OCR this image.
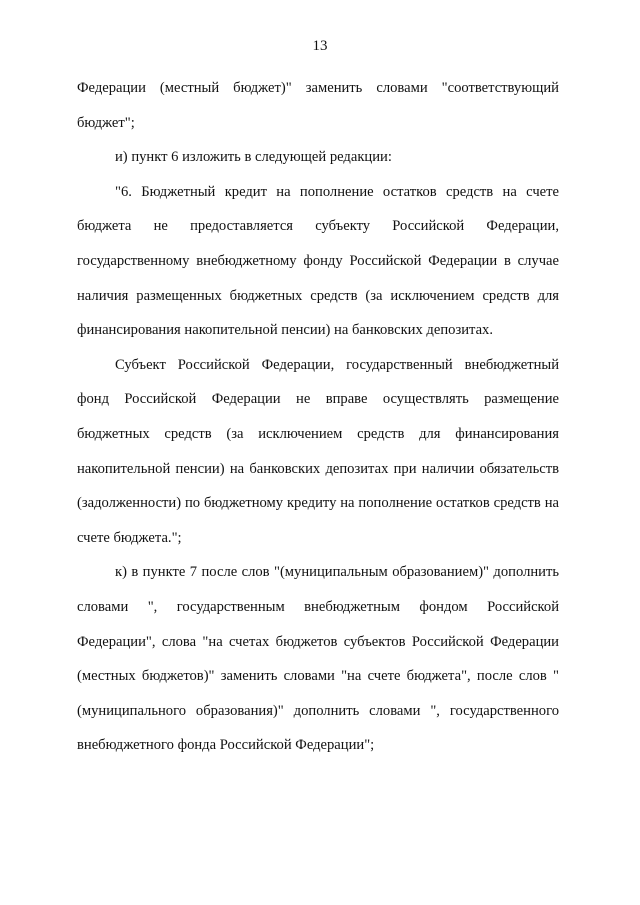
13

Федерации (местный бюджет)" заменить словами "соответствующий бюджет";

и) пункт 6 изложить в следующей редакции:

"6. Бюджетный кредит на пополнение остатков средств на счете бюджета не предоставляется субъекту Российской Федерации, государственному внебюджетному фонду Российской Федерации в случае наличия размещенных бюджетных средств (за исключением средств для финансирования накопительной пенсии) на банковских депозитах.

Субъект Российской Федерации, государственный внебюджетный фонд Российской Федерации не вправе осуществлять размещение бюджетных средств (за исключением средств для финансирования накопительной пенсии) на банковских депозитах при наличии обязательств (задолженности) по бюджетному кредиту на пополнение остатков средств на счете бюджета.";

к) в пункте 7 после слов "(муниципальным образованием)" дополнить словами ", государственным внебюджетным фондом Российской Федерации", слова "на счетах бюджетов субъектов Российской Федерации (местных бюджетов)" заменить словами "на счете бюджета", после слов "(муниципального образования)" дополнить словами ", государственного внебюджетного фонда Российской Федерации";
